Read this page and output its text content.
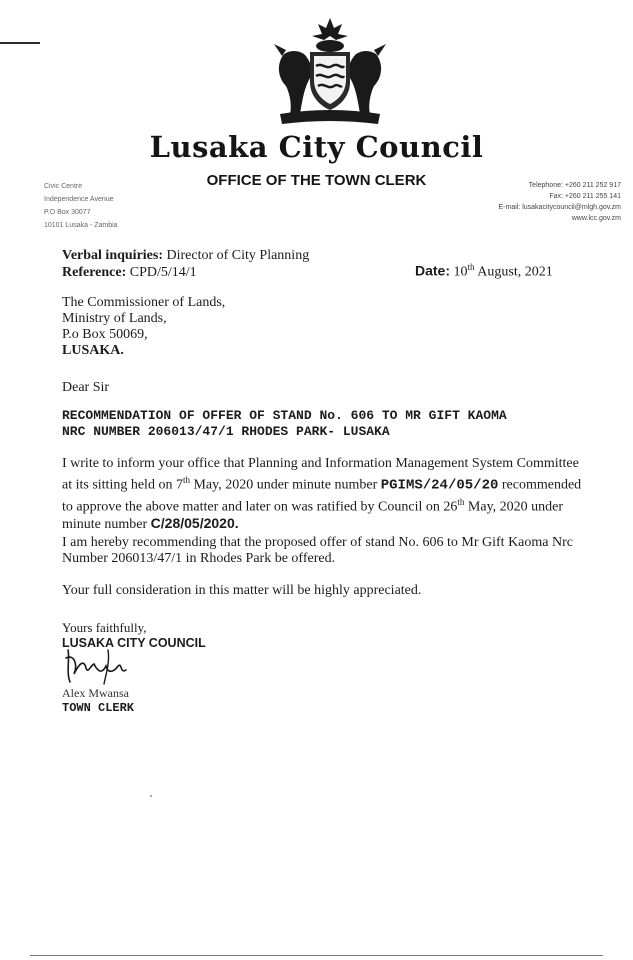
Lusaka City Council
OFFICE OF THE TOWN CLERK
Civic Centre
Independence Avenue
P.O Box 30077
10101 Lusaka - Zambia
Telephone: +260 211 252 917
Fax: +260 211 255 141
E-mail: lusakacitycouncil@mlgh.gov.zm
www.lcc.gov.zm
Verbal inquiries: Director of City Planning
Reference: CPD/5/14/1	Date: 10th August, 2021
The Commissioner of Lands,
Ministry of Lands,
P.o Box 50069,
LUSAKA.
Dear Sir
RECOMMENDATION OF OFFER OF STAND No. 606 TO MR GIFT KAOMA
NRC NUMBER 206013/47/1 RHODES PARK- LUSAKA
I write to inform your office that Planning and Information Management System Committee at its sitting held on 7th May, 2020 under minute number PGIMS/24/05/20 recommended to approve the above matter and later on was ratified by Council on 26th May, 2020 under minute number C/28/05/2020.
I am hereby recommending that the proposed offer of stand No. 606 to Mr Gift Kaoma Nrc Number 206013/47/1 in Rhodes Park be offered.
Your full consideration in this matter will be highly appreciated.
Yours faithfully,
LUSAKA CITY COUNCIL
Alex Mwansa
TOWN CLERK
